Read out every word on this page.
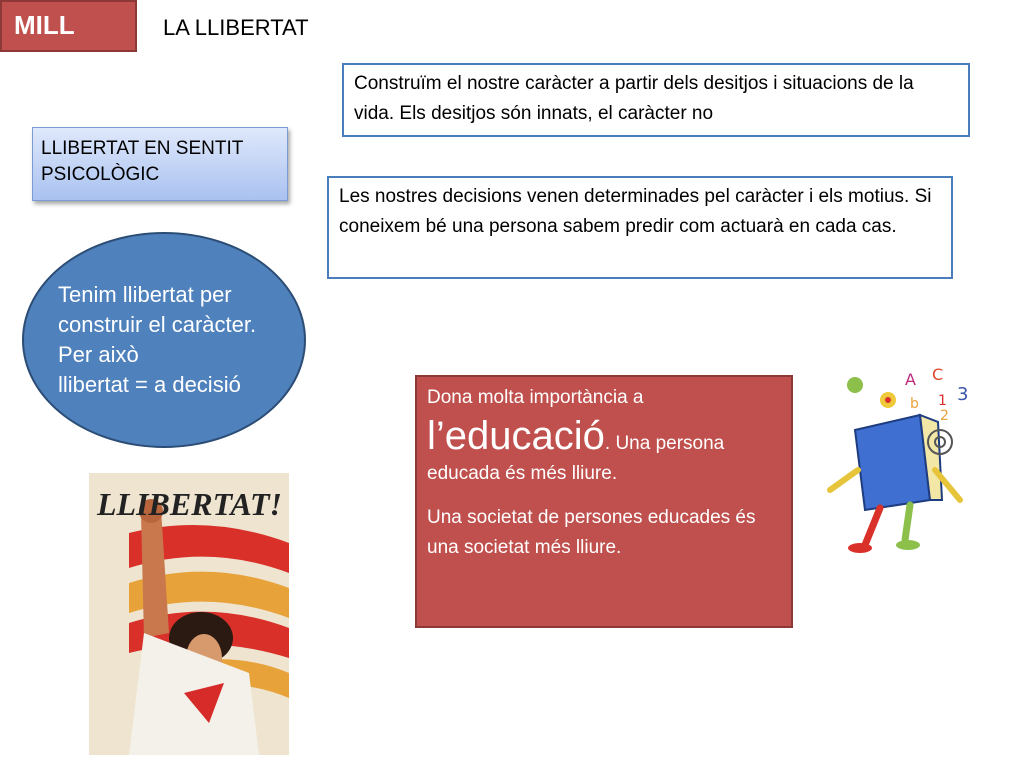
MILL	LA LLIBERTAT
Construïm el nostre caràcter a partir dels desitjos i situacions de la vida. Els desitjos són innats, el caràcter no
Les nostres decisions venen determinades pel caràcter i els motius. Si coneixem bé una persona sabem predir com actuarà en cada cas.
LLIBERTAT EN SENTIT PSICOLÒGIC
Tenim llibertat per
construir el caràcter.
Per això
llibertat = a decisió

Dona molta importància a
l’educació. Una persona educada és més lliure.

Una societat de persones educades és una societat més lliure.

LLIBERTAT!
A C
3
b 1
2
